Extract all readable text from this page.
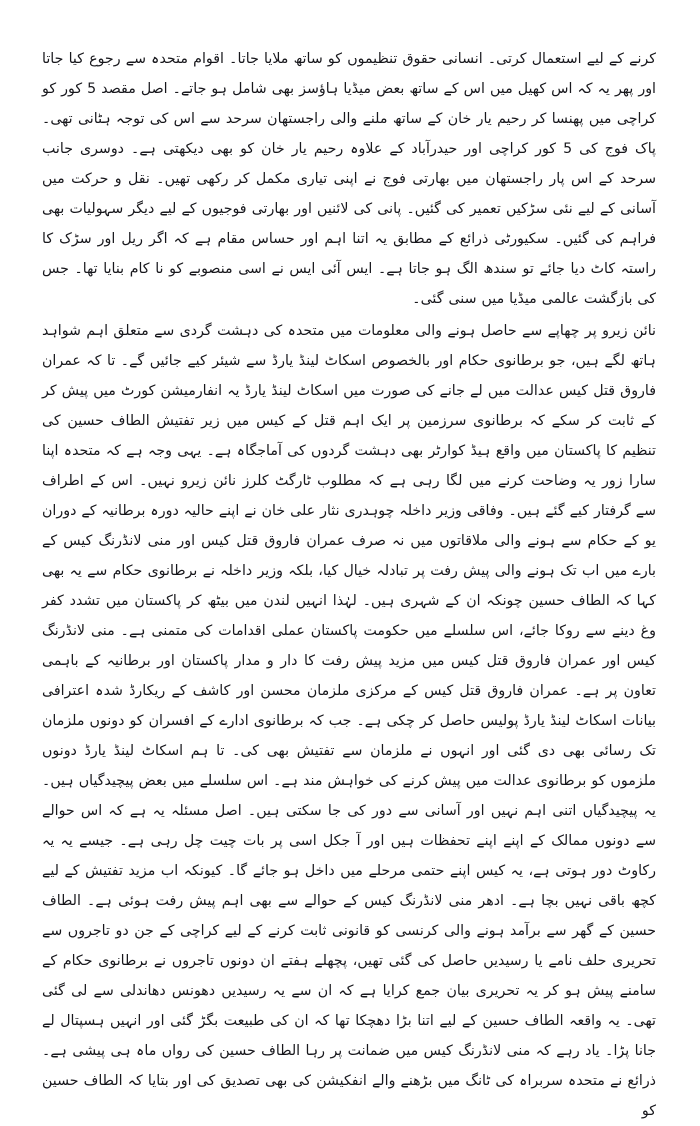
کرنے کے لیے استعمال کرتی۔ انسانی حقوق تنظیموں کو ساتھ ملایا جاتا۔ اقوام متحدہ سے رجوع کیا جاتا اور پھر یہ کہ اس کھیل میں اس کے ساتھ بعض میڈیا ہاؤسز بھی شامل ہو جاتے۔ اصل مقصد 5 کور کو کراچی میں پھنسا کر رحیم یار خان کے ساتھ ملنے والی راجستھان سرحد سے اس کی توجہ ہٹانی تھی۔ پاک فوج کی 5 کور کراچی اور حیدرآباد کے علاوہ رحیم یار خان کو بھی دیکھتی ہے۔ دوسری جانب سرحد کے اس پار راجستھان میں بھارتی فوج نے اپنی تیاری مکمل کر رکھی تھیں۔ نقل و حرکت میں آسانی کے لیے نئی سڑکیں تعمیر کی گئیں۔ پانی کی لائنیں اور بھارتی فوجیوں کے لیے دیگر سہولیات بھی فراہم کی گئیں۔ سکیورٹی ذرائع کے مطابق یہ اتنا اہم اور حساس مقام ہے کہ اگر ریل اور سڑک کا راستہ کاٹ دیا جائے تو سندھ الگ ہو جاتا ہے۔ ایس آئی ایس نے اسی منصوبے کو نا کام بنایا تھا۔ جس کی بازگشت عالمی میڈیا میں سنی گئی۔

نائن زیرو پر چھاپے سے حاصل ہونے والی معلومات میں متحدہ کی دہشت گردی سے متعلق اہم شواہد ہاتھ لگے ہیں، جو برطانوی حکام اور بالخصوص اسکاٹ لینڈ یارڈ سے شیئر کیے جائیں گے۔ تا کہ عمران فاروق قتل کیس عدالت میں لے جانے کی صورت میں اسکاٹ لینڈ یارڈ یہ انفارمیشن کورٹ میں پیش کر کے ثابت کر سکے کہ برطانوی سرزمین پر ایک اہم قتل کے کیس میں زیر تفتیش الطاف حسین کی تنظیم کا پاکستان میں واقع ہیڈ کوارٹر بھی دہشت گردوں کی آماجگاہ ہے۔ یہی وجہ ہے کہ متحدہ اپنا سارا زور یہ وضاحت کرنے میں لگا رہی ہے کہ مطلوب ٹارگٹ کلرز نائن زیرو نہیں۔ اس کے اطراف سے گرفتار کیے گئے ہیں۔ وفاقی وزیر داخلہ چوہدری نثار علی خان نے اپنے حالیہ دورہ برطانیہ کے دوران یو کے حکام سے ہونے والی ملاقاتوں میں نہ صرف عمران فاروق قتل کیس اور منی لانڈرنگ کیس کے بارے میں اب تک ہونے والی پیش رفت پر تبادلہ خیال کیا، بلکہ وزیر داخلہ نے برطانوی حکام سے یہ بھی کہا کہ الطاف حسین چونکہ ان کے شہری ہیں۔ لہٰذا انہیں لندن میں بیٹھ کر پاکستان میں تشدد کفر وغ دینے سے روکا جائے، اس سلسلے میں حکومت پاکستان عملی اقدامات کی متمنی ہے۔ منی لانڈرنگ کیس اور عمران فاروق قتل کیس میں مزید پیش رفت کا دار و مدار پاکستان اور برطانیہ کے باہمی تعاون پر ہے۔ عمران فاروق قتل کیس کے مرکزی ملزمان محسن اور کاشف کے ریکارڈ شدہ اعترافی بیانات اسکاٹ لینڈ یارڈ پولیس حاصل کر چکی ہے۔ جب کہ برطانوی ادارے کے افسران کو دونوں ملزمان تک رسائی بھی دی گئی اور انہوں نے ملزمان سے تفتیش بھی کی۔ تا ہم اسکاٹ لینڈ یارڈ دونوں ملزموں کو برطانوی عدالت میں پیش کرنے کی خواہش مند ہے۔ اس سلسلے میں بعض پیچیدگیاں ہیں۔ یہ پیچیدگیاں اتنی اہم نہیں اور آسانی سے دور کی جا سکتی ہیں۔ اصل مسئلہ یہ ہے کہ اس حوالے سے دونوں ممالک کے اپنے اپنے تحفظات ہیں اور آ جکل اسی پر بات چیت چل رہی ہے۔ جیسے یہ یہ رکاوٹ دور ہوتی ہے، یہ کیس اپنے حتمی مرحلے میں داخل ہو جائے گا۔ کیونکہ اب مزید تفتیش کے لیے کچھ باقی نہیں بچا ہے۔ ادھر منی لانڈرنگ کیس کے حوالے سے بھی اہم پیش رفت ہوئی ہے۔ الطاف حسین کے گھر سے برآمد ہونے والی کرنسی کو قانونی ثابت کرنے کے لیے کراچی کے جن دو تاجروں سے تحریری حلف نامے یا رسیدیں حاصل کی گئی تھیں، پچھلے ہفتے ان دونوں تاجروں نے برطانوی حکام کے سامنے پیش ہو کر یہ تحریری بیان جمع کرایا ہے کہ ان سے یہ رسیدیں دھونس دھاندلی سے لی گئی تھی۔ یہ واقعہ الطاف حسین کے لیے اتنا بڑا دھچکا تھا کہ ان کی طبیعت بگڑ گئی اور انہیں ہسپتال لے جانا پڑا۔ یاد رہے کہ منی لانڈرنگ کیس میں ضمانت پر رہا الطاف حسین کی رواں ماہ ہی پیشی ہے۔ ذرائع نے متحدہ سربراہ کی ٹانگ میں بڑھنے والے انفکیشن کی بھی تصدیق کی اور بتایا کہ الطاف حسین کو
